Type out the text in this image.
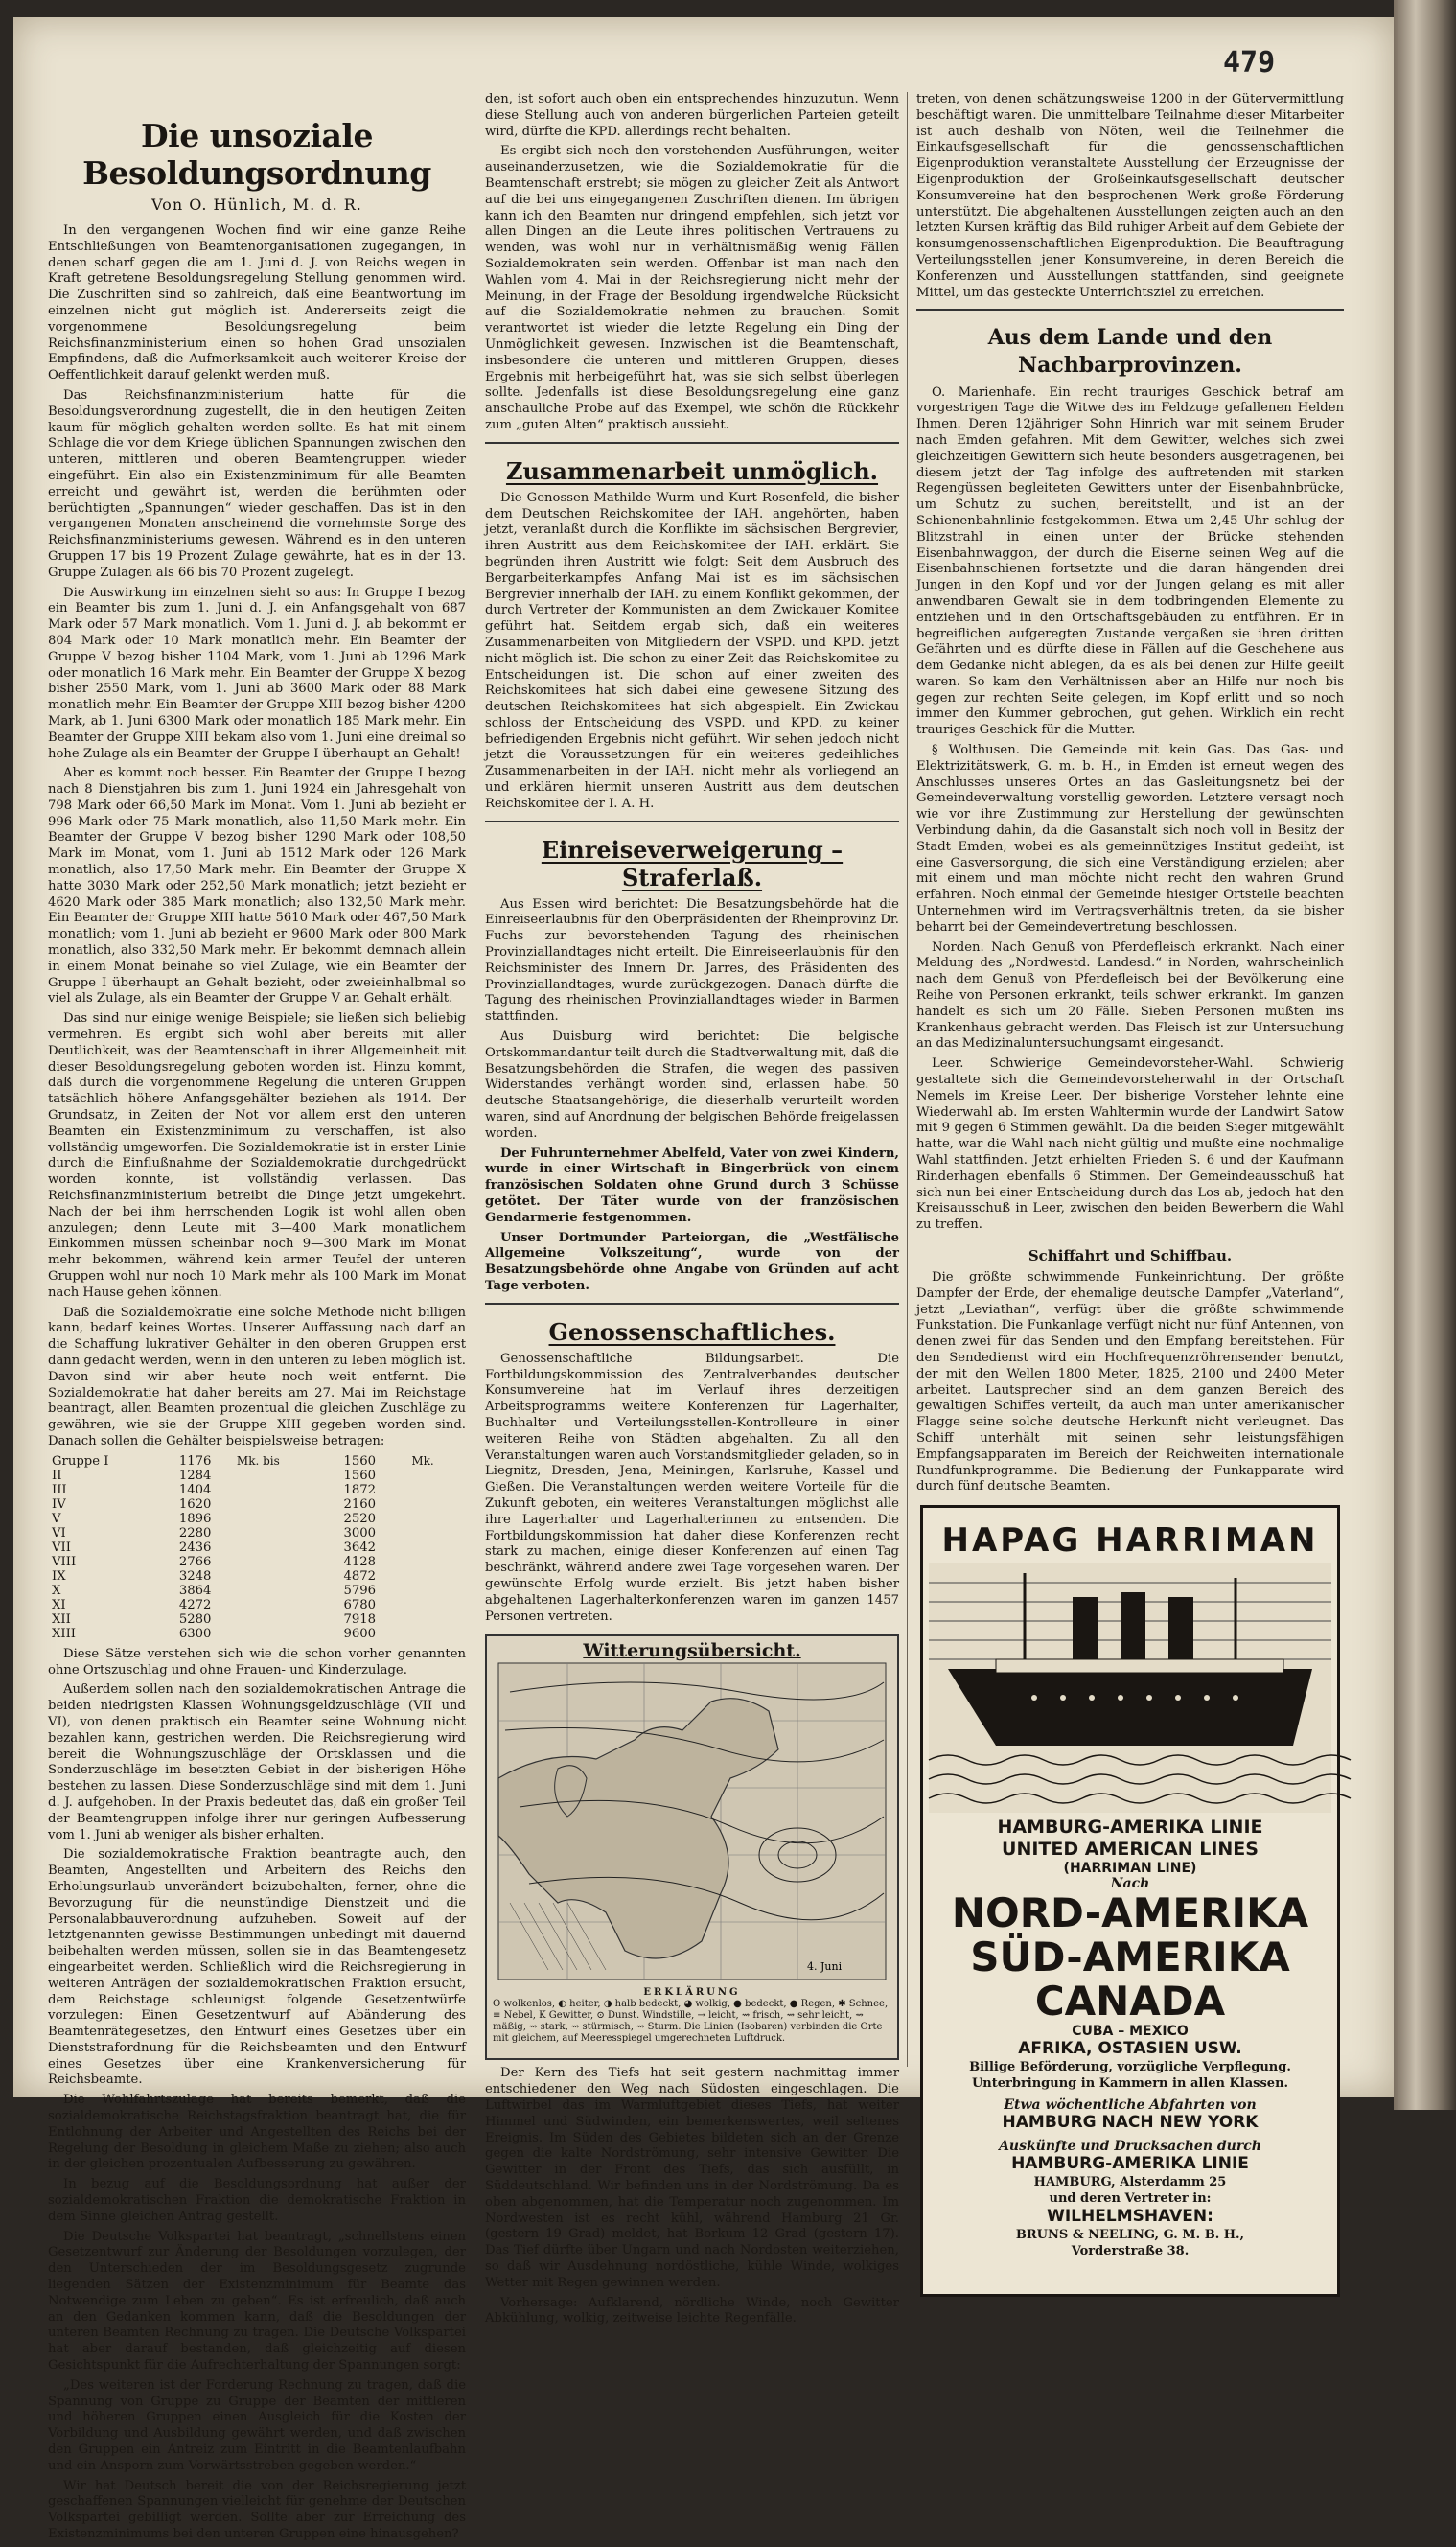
479
Die unsoziale Besoldungsordnung
Von O. Hünlich, M. d. R.

In den vergangenen Wochen find wir eine ganze Reihe Entschließungen von Beamtenorganisationen zugegangen, in denen scharf gegen die am 1. Juni d. J. von Reichs wegen in Kraft getretene Besoldungsregelung Stellung genommen wird. Die Zuschriften sind so zahlreich, daß eine Beantwortung im einzelnen nicht gut möglich ist. Andererseits zeigt die vorgenommene Besoldungsregelung beim Reichsfinanzministerium einen so hohen Grad unsozialen Empfindens, daß die Aufmerksamkeit auch weiterer Kreise der Oeffentlichkeit darauf gelenkt werden muß.

Das Reichsfinanzministerium hatte für die Besoldungsverordnung zugestellt, die in den heutigen Zeiten kaum für möglich gehalten werden sollte. Es hat mit einem Schlage die vor dem Kriege üblichen Spannungen zwischen den unteren, mittleren und oberen Beamtengruppen wieder eingeführt. Ein also ein Existenzminimum für alle Beamten erreicht und gewährt ist, werden die berühmten oder berüchtigten „Spannungen“ wieder geschaffen. Das ist in den vergangenen Monaten anscheinend die vornehmste Sorge des Reichsfinanzministeriums gewesen. Während es in den unteren Gruppen 17 bis 19 Prozent Zulage gewährte, hat es in der 13. Gruppe Zulagen als 66 bis 70 Prozent zugelegt.

Die Auswirkung im einzelnen sieht so aus: In Gruppe I bezog ein Beamter bis zum 1. Juni d. J. ein Anfangsgehalt von 687 Mark oder 57 Mark monatlich. Vom 1. Juni d. J. ab bekommt er 804 Mark oder 10 Mark monatlich mehr. Ein Beamter der Gruppe V bezog bisher 1104 Mark, vom 1. Juni ab 1296 Mark oder monatlich 16 Mark mehr. Ein Beamter der Gruppe X bezog bisher 2550 Mark, vom 1. Juni ab 3600 Mark oder 88 Mark monatlich mehr. Ein Beamter der Gruppe XIII bezog bisher 4200 Mark, ab 1. Juni 6300 Mark oder monatlich 185 Mark mehr. Ein Beamter der Gruppe XIII bekam also vom 1. Juni eine dreimal so hohe Zulage als ein Beamter der Gruppe I überhaupt an Gehalt!

Aber es kommt noch besser. Ein Beamter der Gruppe I bezog nach 8 Dienstjahren bis zum 1. Juni 1924 ein Jahresgehalt von 798 Mark oder 66,50 Mark im Monat. Vom 1. Juni ab bezieht er 996 Mark oder 75 Mark monatlich, also 11,50 Mark mehr. Ein Beamter der Gruppe V bezog bisher 1290 Mark oder 108,50 Mark im Monat, vom 1. Juni ab 1512 Mark oder 126 Mark monatlich, also 17,50 Mark mehr. Ein Beamter der Gruppe X hatte 3030 Mark oder 252,50 Mark monatlich; jetzt bezieht er 4620 Mark oder 385 Mark monatlich; also 132,50 Mark mehr. Ein Beamter der Gruppe XIII hatte 5610 Mark oder 467,50 Mark monatlich; vom 1. Juni ab bezieht er 9600 Mark oder 800 Mark monatlich, also 332,50 Mark mehr. Er bekommt demnach allein in einem Monat beinahe so viel Zulage, wie ein Beamter der Gruppe I überhaupt an Gehalt bezieht, oder zweieinhalbmal so viel als Zulage, als ein Beamter der Gruppe V an Gehalt erhält.

Das sind nur einige wenige Beispiele; sie ließen sich beliebig vermehren. Es ergibt sich wohl aber bereits mit aller Deutlichkeit, was der Beamtenschaft in ihrer Allgemeinheit mit dieser Besoldungsregelung geboten worden ist. Hinzu kommt, daß durch die vorgenommene Regelung die unteren Gruppen tatsächlich höhere Anfangsgehälter beziehen als 1914. Der Grundsatz, in Zeiten der Not vor allem erst den unteren Beamten ein Existenzminimum zu verschaffen, ist also vollständig umgeworfen. Die Sozialdemokratie ist in erster Linie durch die Einflußnahme der Sozialdemokratie durchgedrückt worden konnte, ist vollständig verlassen. Das Reichsfinanzministerium betreibt die Dinge jetzt umgekehrt. Nach der bei ihm herrschenden Logik ist wohl allen oben anzulegen; denn Leute mit 3—400 Mark monatlichem Einkommen müssen scheinbar noch 9—300 Mark im Monat mehr bekommen, während kein armer Teufel der unteren Gruppen wohl nur noch 10 Mark mehr als 100 Mark im Monat nach Hause gehen können.

Daß die Sozialdemokratie eine solche Methode nicht billigen kann, bedarf keines Wortes. Unserer Auffassung nach darf an die Schaffung lukrativer Gehälter in den oberen Gruppen erst dann gedacht werden, wenn in den unteren zu leben möglich ist. Davon sind wir aber heute noch weit entfernt. Die Sozialdemokratie hat daher bereits am 27. Mai im Reichstage beantragt, allen Beamten prozentual die gleichen Zuschläge zu gewähren, wie sie der Gruppe XIII gegeben worden sind. Danach sollen die Gehälter beispielsweise betragen:

Gruppe I	1176	Mk. bis	1560	Mk.
II	1284		1560	
III	1404		1872	
IV	1620		2160	
V	1896		2520	
VI	2280		3000	
VII	2436		3642	
VIII	2766		4128	
IX	3248		4872	
X	3864		5796	
XI	4272		6780	
XII	5280		7918	
XIII	6300		9600	

Diese Sätze verstehen sich wie die schon vorher genannten ohne Ortszuschlag und ohne Frauen- und Kinderzulage.

Außerdem sollen nach den sozialdemokratischen Antrage die beiden niedrigsten Klassen Wohnungsgeldzuschläge (VII und VI), von denen praktisch ein Beamter seine Wohnung nicht bezahlen kann, gestrichen werden. Die Reichsregierung wird bereit die Wohnungszuschläge der Ortsklassen und die Sonderzuschläge im besetzten Gebiet in der bisherigen Höhe bestehen zu lassen. Diese Sonderzuschläge sind mit dem 1. Juni d. J. aufgehoben. In der Praxis bedeutet das, daß ein großer Teil der Beamtengruppen infolge ihrer nur geringen Aufbesserung vom 1. Juni ab weniger als bisher erhalten.

Die sozialdemokratische Fraktion beantragte auch, den Beamten, Angestellten und Arbeitern des Reichs den Erholungsurlaub unverändert beizubehalten, ferner, ohne die Bevorzugung für die neunstündige Dienstzeit und die Personalabbauverordnung aufzuheben. Soweit auf der letztgenannten gewisse Bestimmungen unbedingt mit dauernd beibehalten werden müssen, sollen sie in das Beamtengesetz eingearbeitet werden. Schließlich wird die Reichsregierung in weiteren Anträgen der sozialdemokratischen Fraktion ersucht, dem Reichstage schleunigst folgende Gesetzentwürfe vorzulegen: Einen Gesetzentwurf auf Abänderung des Beamtenrätegesetzes, den Entwurf eines Gesetzes über ein Dienststrafordnung für die Reichsbeamten und den Entwurf eines Gesetzes über eine Krankenversicherung für Reichsbeamte.

Die Wohlfahrtszulage hat bereits bemerkt, daß die sozialdemokratische Reichstagsfraktion beantragt hat, die für Entlohnung der Arbeiter und Angestellten des Reichs bei der Regelung der Besoldung in gleichem Maße zu ziehen; also auch in der gleichen prozentualen Aufbesserung zu gewähren.

In bezug auf die Besoldungsordnung hat außer der sozialdemokratischen Fraktion die demokratische Fraktion in dem Sinne gleichen Antrag gestellt.

Die Deutsche Volkspartei hat beantragt, „schnellstens einen Gesetzentwurf zur Änderung der Besoldungen vorzulegen, der den Unterschieden der im Besoldungsgesetz zugrunde liegenden Sätzen der Existenzminimum für Beamte das Notwendige zum Leben zu geben“. Es ist erfreulich, daß auch an den Gedanken kommen kann, daß die Besoldungen der unteren Beamten Rechnung zu tragen. Die Deutsche Volkspartei hat aber darauf bestanden, daß gleichzeitig auf diesen Gesichtspunkt für die Aufrechterhaltung der Spannungen sorgt:

„Des weiteren ist der Forderung Rechnung zu tragen, daß die Spannung von Gruppe zu Gruppe der Beamten der mittleren und höheren Gruppen einen Ausgleich für die Kosten der Vorbildung und Ausbildung gewährt werden, und daß zwischen den Gruppen ein Antreiz zum Eintritt in die Beamtenlaufbahn und ein Ansporn zum Vorwärtsstreben gegeben werden.“

Wir hat Deutsch bereit die von der Reichsregierung jetzt geschaffenen Spannungen vielleicht für genehme der Deutschen Volkspartei gebilligt werden. Sollte aber zur Erreichung des Existenzminimums bei den unteren Gruppen eine hinausgehen?

den, ist sofort auch oben ein entsprechendes hinzuzutun. Wenn diese Stellung auch von anderen bürgerlichen Parteien geteilt wird, dürfte die KPD. allerdings recht behalten.

Es ergibt sich noch den vorstehenden Ausführungen, weiter auseinanderzusetzen, wie die Sozialdemokratie für die Beamtenschaft erstrebt; sie mögen zu gleicher Zeit als Antwort auf die bei uns eingegangenen Zuschriften dienen. Im übrigen kann ich den Beamten nur dringend empfehlen, sich jetzt vor allen Dingen an die Leute ihres politischen Vertrauens zu wenden, was wohl nur in verhältnismäßig wenig Fällen Sozialdemokraten sein werden. Offenbar ist man nach den Wahlen vom 4. Mai in der Reichsregierung nicht mehr der Meinung, in der Frage der Besoldung irgendwelche Rücksicht auf die Sozialdemokratie nehmen zu brauchen. Somit verantwortet ist wieder die letzte Regelung ein Ding der Unmöglichkeit gewesen. Inzwischen ist die Beamtenschaft, insbesondere die unteren und mittleren Gruppen, dieses Ergebnis mit herbeigeführt hat, was sie sich selbst überlegen sollte. Jedenfalls ist diese Besoldungsregelung eine ganz anschauliche Probe auf das Exempel, wie schön die Rückkehr zum „guten Alten“ praktisch aussieht.

Zusammenarbeit unmöglich.

Die Genossen Mathilde Wurm und Kurt Rosenfeld, die bisher dem Deutschen Reichskomitee der IAH. angehörten, haben jetzt, veranlaßt durch die Konflikte im sächsischen Bergrevier, ihren Austritt aus dem Reichskomitee der IAH. erklärt. Sie begründen ihren Austritt wie folgt: Seit dem Ausbruch des Bergarbeiterkampfes Anfang Mai ist es im sächsischen Bergrevier innerhalb der IAH. zu einem Konflikt gekommen, der durch Vertreter der Kommunisten an dem Zwickauer Komitee geführt hat. Seitdem ergab sich, daß ein weiteres Zusammenarbeiten von Mitgliedern der VSPD. und KPD. jetzt nicht möglich ist. Die schon zu einer Zeit das Reichskomitee zu Entscheidungen ist. Die schon auf einer zweiten des Reichskomitees hat sich dabei eine gewesene Sitzung des deutschen Reichskomitees hat sich abgespielt. Ein Zwickau schloss der Entscheidung des VSPD. und KPD. zu keiner befriedigenden Ergebnis nicht geführt. Wir sehen jedoch nicht jetzt die Voraussetzungen für ein weiteres gedeihliches Zusammenarbeiten in der IAH. nicht mehr als vorliegend an und erklären hiermit unseren Austritt aus dem deutschen Reichskomitee der I. A. H.

Einreiseverweigerung – Straferlaß.

Aus Essen wird berichtet: Die Besatzungsbehörde hat die Einreiseerlaubnis für den Oberpräsidenten der Rheinprovinz Dr. Fuchs zur bevorstehenden Tagung des rheinischen Provinziallandtages nicht erteilt. Die Einreiseerlaubnis für den Reichsminister des Innern Dr. Jarres, des Präsidenten des Provinziallandtages, wurde zurückgezogen. Danach dürfte die Tagung des rheinischen Provinziallandtages wieder in Barmen stattfinden.

Aus Duisburg wird berichtet: Die belgische Ortskommandantur teilt durch die Stadtverwaltung mit, daß die Besatzungsbehörden die Strafen, die wegen des passiven Widerstandes verhängt worden sind, erlassen habe. 50 deutsche Staatsangehörige, die dieserhalb verurteilt worden waren, sind auf Anordnung der belgischen Behörde freigelassen worden.

Der Fuhrunternehmer Abelfeld, Vater von zwei Kindern, wurde in einer Wirtschaft in Bingerbrück von einem französischen Soldaten ohne Grund durch 3 Schüsse getötet. Der Täter wurde von der französischen Gendarmerie festgenommen.

Unser Dortmunder Parteiorgan, die „Westfälische Allgemeine Volkszeitung“, wurde von der Besatzungsbehörde ohne Angabe von Gründen auf acht Tage verboten.

Genossenschaftliches.

Genossenschaftliche Bildungsarbeit. Die Fortbildungskommission des Zentralverbandes deutscher Konsumvereine hat im Verlauf ihres derzeitigen Arbeitsprogramms weitere Konferenzen für Lagerhalter, Buchhalter und Verteilungsstellen-Kontrolleure in einer weiteren Reihe von Städten abgehalten. Zu all den Veranstaltungen waren auch Vorstandsmitglieder geladen, so in Liegnitz, Dresden, Jena, Meiningen, Karlsruhe, Kassel und Gießen. Die Veranstaltungen werden weitere Vorteile für die Zukunft geboten, ein weiteres Veranstaltungen möglichst alle ihre Lagerhalter und Lagerhalterinnen zu entsenden. Die Fortbildungskommission hat daher diese Konferenzen recht stark zu machen, einige dieser Konferenzen auf einen Tag beschränkt, während andere zwei Tage vorgesehen waren. Der gewünschte Erfolg wurde erzielt. Bis jetzt haben bisher abgehaltenen Lagerhalterkonferenzen waren im ganzen 1457 Personen vertreten.

Witterungsübersicht.
4. Juni
ERKLÄRUNG
O wolkenlos, ◐ heiter, ◑ halb bedeckt, ◕ wolkig, ● bedeckt, ● Regen, ✱ Schnee, ≡ Nebel, K Gewitter, ⊙ Dunst. Windstille, → leicht, ⇝ frisch, ⇝ sehr leicht, ⇝ mäßig, ⇝ stark, ⇝ stürmisch, ⇝ Sturm. Die Linien (Isobaren) verbinden die Orte mit gleichem, auf Meeresspiegel umgerechneten Luftdruck.

Der Kern des Tiefs hat seit gestern nachmittag immer entschiedener den Weg nach Südosten eingeschlagen. Die Luftwirbel das im Warmluftgebiet dieses Tiefs, hat weiter Himmel und Südwinden, ein bemerkenswertes, weil seltenes Ereignis. Im Süden des Gebietes bildeten sich an der Grenze gegen die kalte Nordströmung, sehr intensive Gewitter. Die Gewitter in der Front des Tiefs, das sich ausfüllt, in Süddeutschland. Wir befinden uns in der Nordströmung. Da es oben abgenommen, hat die Temperatur noch zugenommen. Im Nordwesten ist es recht kühl, während Hamburg 21 Gr. (gestern 19 Grad) meldet, hat Borkum 12 Grad (gestern 17). Das Tief dürfte über Ungarn und nach Nordosten weiterziehen, so daß wir Ausdehnung nordöstliche, kühle Winde, wolkiges Wetter mit Regen gewinnen werden.

Vorhersage: Aufklarend, nördliche Winde, noch Gewitter Abkühlung, wolkig, zeitweise leichte Regenfälle.

treten, von denen schätzungsweise 1200 in der Gütervermittlung beschäftigt waren. Die unmittelbare Teilnahme dieser Mitarbeiter ist auch deshalb von Nöten, weil die Teilnehmer die Einkaufsgesellschaft für die genossenschaftlichen Eigenproduktion veranstaltete Ausstellung der Erzeugnisse der Eigenproduktion der Großeinkaufsgesellschaft deutscher Konsumvereine hat den besprochenen Werk große Förderung unterstützt. Die abgehaltenen Ausstellungen zeigten auch an den letzten Kursen kräftig das Bild ruhiger Arbeit auf dem Gebiete der konsumgenossenschaftlichen Eigenproduktion. Die Beauftragung Verteilungsstellen jener Konsumvereine, in deren Bereich die Konferenzen und Ausstellungen stattfanden, sind geeignete Mittel, um das gesteckte Unterrichtsziel zu erreichen.

Aus dem Lande und den Nachbarprovinzen.

O. Marienhafe. Ein recht trauriges Geschick betraf am vorgestrigen Tage die Witwe des im Feldzuge gefallenen Helden Ihmen. Deren 12jähriger Sohn Hinrich war mit seinem Bruder nach Emden gefahren. Mit dem Gewitter, welches sich zwei gleichzeitigen Gewittern sich heute besonders ausgetragenen, bei diesem jetzt der Tag infolge des auftretenden mit starken Regengüssen begleiteten Gewitters unter der Eisenbahnbrücke, um Schutz zu suchen, bereitstellt, und ist an der Schienenbahnlinie festgekommen. Etwa um 2,45 Uhr schlug der Blitzstrahl in einen unter der Brücke stehenden Eisenbahnwaggon, der durch die Eiserne seinen Weg auf die Eisenbahnschienen fortsetzte und die daran hängenden drei Jungen in den Kopf und vor der Jungen gelang es mit aller anwendbaren Gewalt sie in dem todbringenden Elemente zu entziehen und in den Ortschaftsgebäuden zu entführen. Er in begreiflichen aufgeregten Zustande vergaßen sie ihren dritten Gefährten und es dürfte diese in Fällen auf die Geschehene aus dem Gedanke nicht ablegen, da es als bei denen zur Hilfe geeilt waren. So kam den Verhältnissen aber an Hilfe nur noch bis gegen zur rechten Seite gelegen, im Kopf erlitt und so noch immer den Kummer gebrochen, gut gehen. Wirklich ein recht trauriges Geschick für die Mutter.

§ Wolthusen. Die Gemeinde mit kein Gas. Das Gas- und Elektrizitätswerk, G. m. b. H., in Emden ist erneut wegen des Anschlusses unseres Ortes an das Gasleitungsnetz bei der Gemeindeverwaltung vorstellig geworden. Letztere versagt noch wie vor ihre Zustimmung zur Herstellung der gewünschten Verbindung dahin, da die Gasanstalt sich noch voll in Besitz der Stadt Emden, wobei es als gemeinnütziges Institut gedeiht, ist eine Gasversorgung, die sich eine Verständigung erzielen; aber mit einem und man möchte nicht recht den wahren Grund erfahren. Noch einmal der Gemeinde hiesiger Ortsteile beachten Unternehmen wird im Vertragsverhältnis treten, da sie bisher beharrt bei der Gemeindevertretung beschlossen.

Norden. Nach Genuß von Pferdefleisch erkrankt. Nach einer Meldung des „Nordwestd. Landesd.“ in Norden, wahrscheinlich nach dem Genuß von Pferdefleisch bei der Bevölkerung eine Reihe von Personen erkrankt, teils schwer erkrankt. Im ganzen handelt es sich um 20 Fälle. Sieben Personen mußten ins Krankenhaus gebracht werden. Das Fleisch ist zur Untersuchung an das Medizinaluntersuchungsamt eingesandt.

Leer. Schwierige Gemeindevorsteher-Wahl. Schwierig gestaltete sich die Gemeindevorsteherwahl in der Ortschaft Nemels im Kreise Leer. Der bisherige Vorsteher lehnte eine Wiederwahl ab. Im ersten Wahltermin wurde der Landwirt Satow mit 9 gegen 6 Stimmen gewählt. Da die beiden Sieger mitgewählt hatte, war die Wahl nach nicht gültig und mußte eine nochmalige Wahl stattfinden. Jetzt erhielten Frieden S. 6 und der Kaufmann Rinderhagen ebenfalls 6 Stimmen. Der Gemeindeausschuß hat sich nun bei einer Entscheidung durch das Los ab, jedoch hat den Kreisausschuß in Leer, zwischen den beiden Bewerbern die Wahl zu treffen.

Schiffahrt und Schiffbau.

Die größte schwimmende Funkeinrichtung. Der größte Dampfer der Erde, der ehemalige deutsche Dampfer „Vaterland“, jetzt „Leviathan“, verfügt über die größte schwimmende Funkstation. Die Funkanlage verfügt nicht nur fünf Antennen, von denen zwei für das Senden und den Empfang bereitstehen. Für den Sendedienst wird ein Hochfrequenzröhrensender benutzt, der mit den Wellen 1800 Meter, 1825, 2100 und 2400 Meter arbeitet. Lautsprecher sind an dem ganzen Bereich des gewaltigen Schiffes verteilt, da auch man unter amerikanischer Flagge seine solche deutsche Herkunft nicht verleugnet. Das Schiff unterhält mit seinen sehr leistungsfähigen Empfangsapparaten im Bereich der Reichweiten internationale Rundfunkprogramme. Die Bedienung der Funkapparate wird durch fünf deutsche Beamten.

HAPAG HARRIMAN
HAMBURG-AMERIKA LINIE
UNITED AMERICAN LINES
(HARRIMAN LINE)
Nach
NORD-AMERIKA
SÜD-AMERIKA
CANADA
CUBA – MEXICO
AFRIKA, OSTASIEN USW.
Billige Beförderung, vorzügliche Verpflegung.
Unterbringung in Kammern in allen Klassen.
Etwa wöchentliche Abfahrten von
HAMBURG NACH NEW YORK
Auskünfte und Drucksachen durch
HAMBURG-AMERIKA LINIE
HAMBURG, Alsterdamm 25
und deren Vertreter in:
WILHELMSHAVEN:
BRUNS & NEELING, G. M. B. H.,
Vorderstraße 38.
